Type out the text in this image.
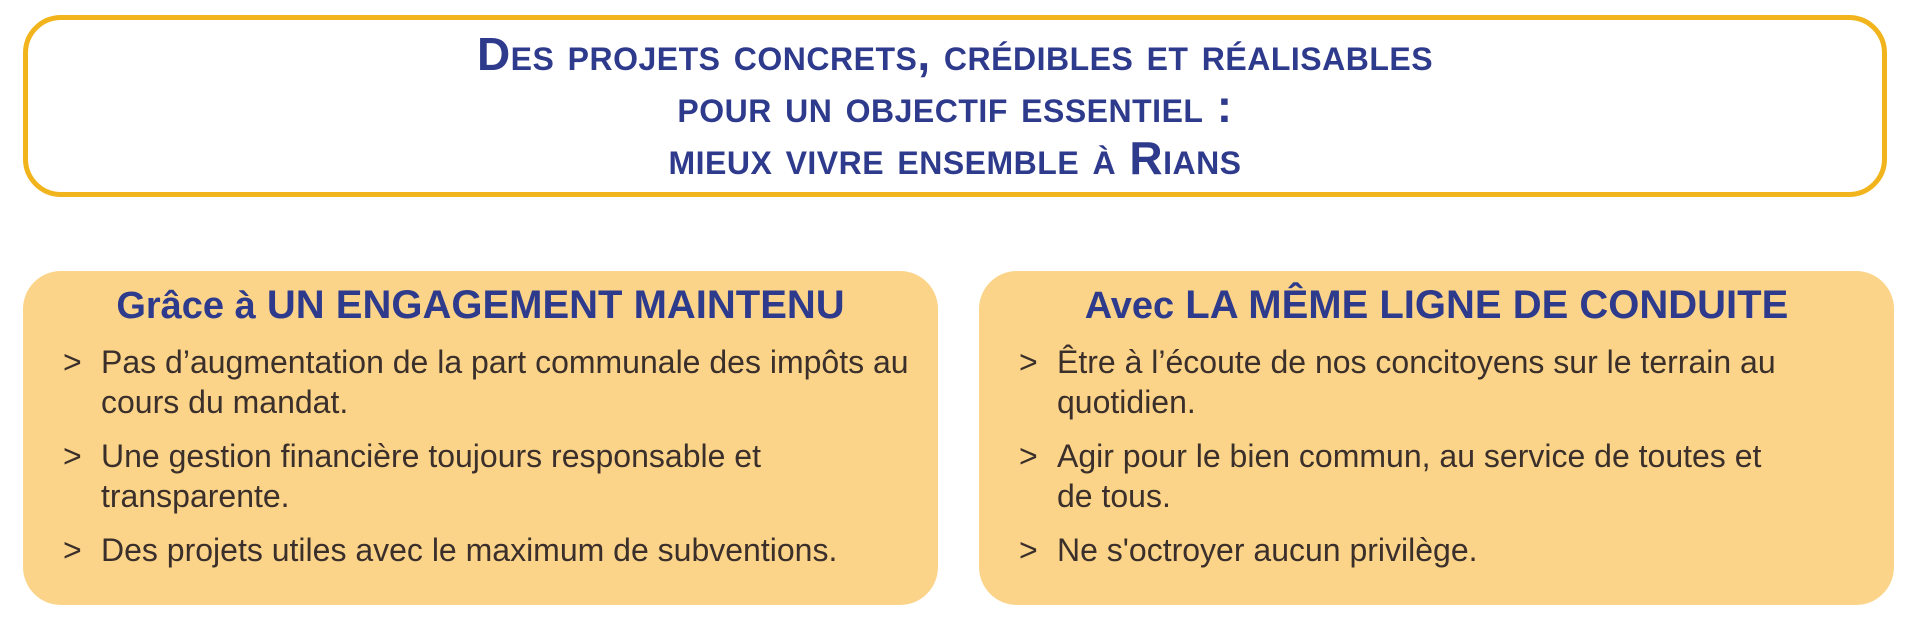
Des projets concrets, crédibles et réalisables
pour un objectif essentiel :
mieux vivre ensemble à Rians
Grâce à UN ENGAGEMENT MAINTENU
> Pas d’augmentation de la part communale des impôts au cours du mandat.
> Une gestion financière toujours responsable et transparente.
> Des projets utiles avec le maximum de subventions.
Avec LA MÊME LIGNE DE CONDUITE
> Être à l’écoute de nos concitoyens sur le terrain au quotidien.
> Agir pour le bien commun, au service de toutes et de tous.
> Ne s'octroyer aucun privilège.
